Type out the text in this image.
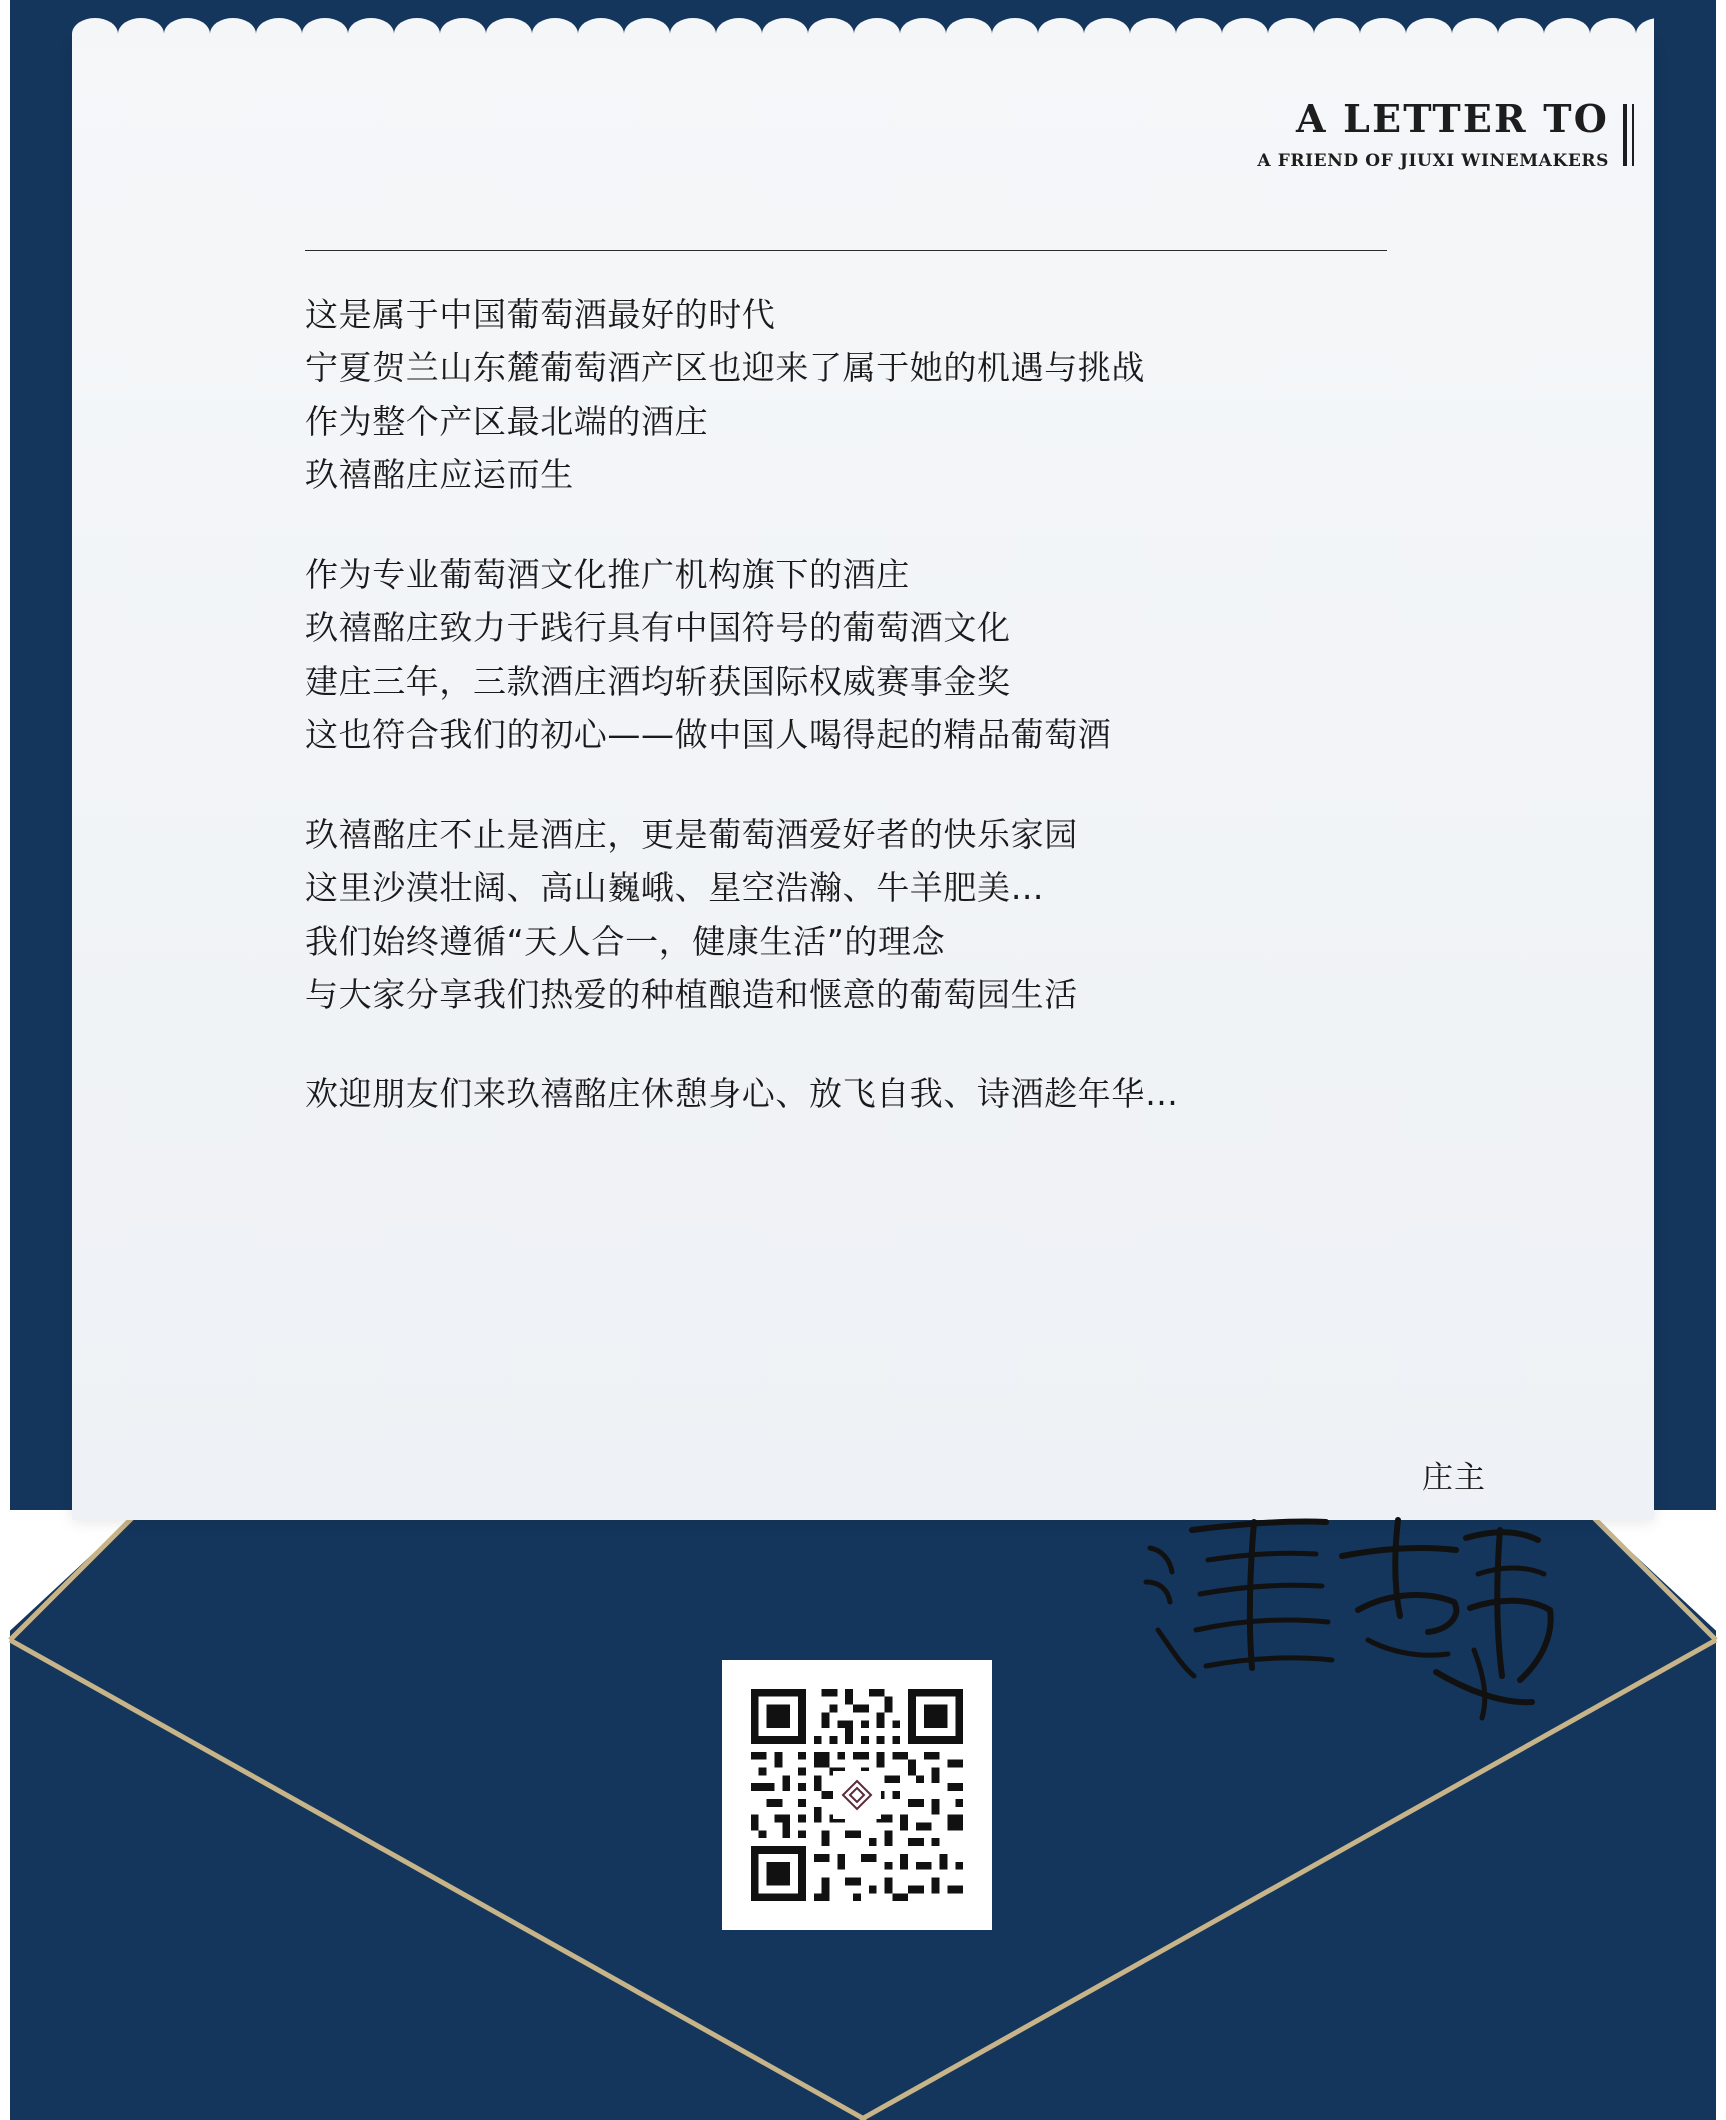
A LETTER TO
A FRIEND OF JIUXI WINEMAKERS
这是属于中国葡萄酒最好的时代
宁夏贺兰山东麓葡萄酒产区也迎来了属于她的机遇与挑战
作为整个产区最北端的酒庄
玖禧酩庄应运而生
作为专业葡萄酒文化推广机构旗下的酒庄
玖禧酩庄致力于践行具有中国符号的葡萄酒文化
建庄三年，三款酒庄酒均斩获国际权威赛事金奖
这也符合我们的初心——做中国人喝得起的精品葡萄酒
玖禧酩庄不止是酒庄，更是葡萄酒爱好者的快乐家园
这里沙漠壮阔、高山巍峨、星空浩瀚、牛羊肥美…
我们始终遵循“天人合一，健康生活”的理念
与大家分享我们热爱的种植酿造和惬意的葡萄园生活
欢迎朋友们来玖禧酩庄休憩身心、放飞自我、诗酒趁年华…
庄主
